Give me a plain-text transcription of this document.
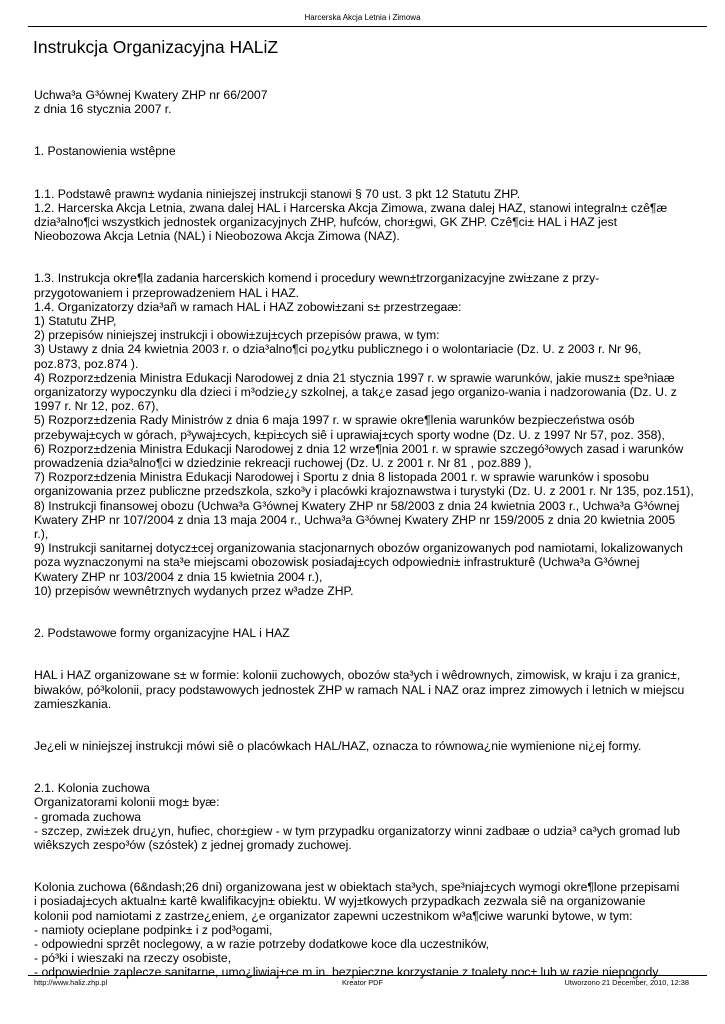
Harcerska Akcja Letnia i Zimowa
Instrukcja Organizacyjna HALiZ

Uchwa³a G³ównej Kwatery ZHP nr 66/2007

z dnia 16 stycznia 2007 r.

1. Postanowienia wstêpne

1.1. Podstawê prawn± wydania niniejszej instrukcji stanowi § 70 ust. 3 pkt 12 Statutu ZHP.

1.2. Harcerska Akcja Letnia, zwana dalej HAL i Harcerska Akcja Zimowa, zwana dalej HAZ, stanowi integraln± czê¶æ

dzia³alno¶ci wszystkich jednostek organizacyjnych ZHP, hufców, chor±gwi, GK ZHP. Czê¶ci± HAL i HAZ jest

Nieobozowa Akcja Letnia (NAL) i Nieobozowa Akcja Zimowa (NAZ).

1.3. Instrukcja okre¶la zadania harcerskich komend i procedury wewn±trzorganizacyjne zwi±zane z przy-

przygotowaniem i przeprowadzeniem HAL i HAZ.

1.4. Organizatorzy dzia³añ w ramach HAL i HAZ zobowi±zani s± przestrzegaæ:

1) Statutu ZHP,

2) przepisów niniejszej instrukcji i obowi±zuj±cych przepisów prawa, w tym:

3) Ustawy z dnia 24 kwietnia 2003 r. o dzia³alno¶ci po¿ytku publicznego i o wolontariacie (Dz. U. z 2003 r. Nr 96,

poz.873, poz.874 ).

4) Rozporz±dzenia Ministra Edukacji Narodowej z dnia 21 stycznia 1997 r. w sprawie warunków, jakie musz± spe³niaæ

organizatorzy wypoczynku dla dzieci i m³odzie¿y szkolnej, a tak¿e zasad jego organizo-wania i nadzorowania (Dz. U. z

1997 r. Nr 12, poz. 67),

5) Rozporz±dzenia Rady Ministrów z dnia 6 maja 1997 r. w sprawie okre¶lenia warunków bezpieczeństwa osób

przebywaj±cych w górach, p³ywaj±cych, k±pi±cych siê i uprawiaj±cych sporty wodne (Dz. U. z 1997 Nr 57, poz. 358),

6) Rozporz±dzenia Ministra Edukacji Narodowej z dnia 12 wrze¶nia 2001 r. w sprawie szczegó³owych zasad i warunków

prowadzenia dzia³alno¶ci w dziedzinie rekreacji ruchowej (Dz. U. z 2001 r. Nr 81 , poz.889 ),

7) Rozporz±dzenia Ministra Edukacji Narodowej i Sportu z dnia 8 listopada 2001 r. w sprawie warunków i sposobu

organizowania przez publiczne przedszkola, szko³y i placówki krajoznawstwa i turystyki (Dz. U. z 2001 r. Nr 135, poz.151),

8) Instrukcji finansowej obozu (Uchwa³a G³ównej Kwatery ZHP nr 58/2003 z dnia 24 kwietnia 2003 r., Uchwa³a G³ównej

Kwatery ZHP nr 107/2004 z dnia 13 maja 2004 r., Uchwa³a G³ównej Kwatery ZHP nr 159/2005 z dnia 20 kwietnia 2005

r.),

9) Instrukcji sanitarnej dotycz±cej organizowania stacjonarnych obozów organizowanych pod namiotami, lokalizowanych

poza wyznaczonymi na sta³e miejscami obozowisk posiadaj±cych odpowiedni± infrastrukturê (Uchwa³a G³ównej

Kwatery ZHP nr 103/2004 z dnia 15 kwietnia 2004 r.),

10) przepisów wewnêtrznych wydanych przez w³adze ZHP.

2. Podstawowe formy organizacyjne HAL i HAZ

HAL i HAZ organizowane s± w formie: kolonii zuchowych, obozów sta³ych i wêdrownych, zimowisk, w kraju i za granic±,

biwaków, pó³kolonii, pracy podstawowych jednostek ZHP w ramach NAL i NAZ oraz imprez zimowych i letnich w miejscu

zamieszkania.

Je¿eli w niniejszej instrukcji mówi siê o placówkach HAL/HAZ, oznacza to równowa¿nie wymienione ni¿ej formy.

2.1. Kolonia zuchowa

Organizatorami kolonii mog± byæ:

- gromada zuchowa

- szczep, zwi±zek dru¿yn, hufiec, chor±giew - w tym przypadku organizatorzy winni zadbaæ o udzia³ ca³ych gromad lub

wiêkszych zespo³ów (szóstek) z jednej gromady zuchowej.

Kolonia zuchowa (6&ndash;26 dni) organizowana jest w obiektach sta³ych, spe³niaj±cych wymogi okre¶lone przepisami

i posiadaj±cych aktualn± kartê kwalifikacyjn± obiektu. W wyj±tkowych przypadkach zezwala siê na organizowanie

kolonii pod namiotami z zastrze¿eniem, ¿e organizator zapewni uczestnikom w³a¶ciwe warunki bytowe, w tym:

- namioty ocieplane podpink± i z pod³ogami,

- odpowiedni sprzêt noclegowy, a w razie potrzeby dodatkowe koce dla uczestników,

- pó³ki i wieszaki na rzeczy osobiste,

- odpowiednie zaplecze sanitarne, umo¿liwiaj±ce m.in. bezpieczne korzystanie z toalety noc± lub w razie niepogody.

http://www.haliz.zhp.pl	Kreator PDF	Utworzono 21 December, 2010, 12:38
